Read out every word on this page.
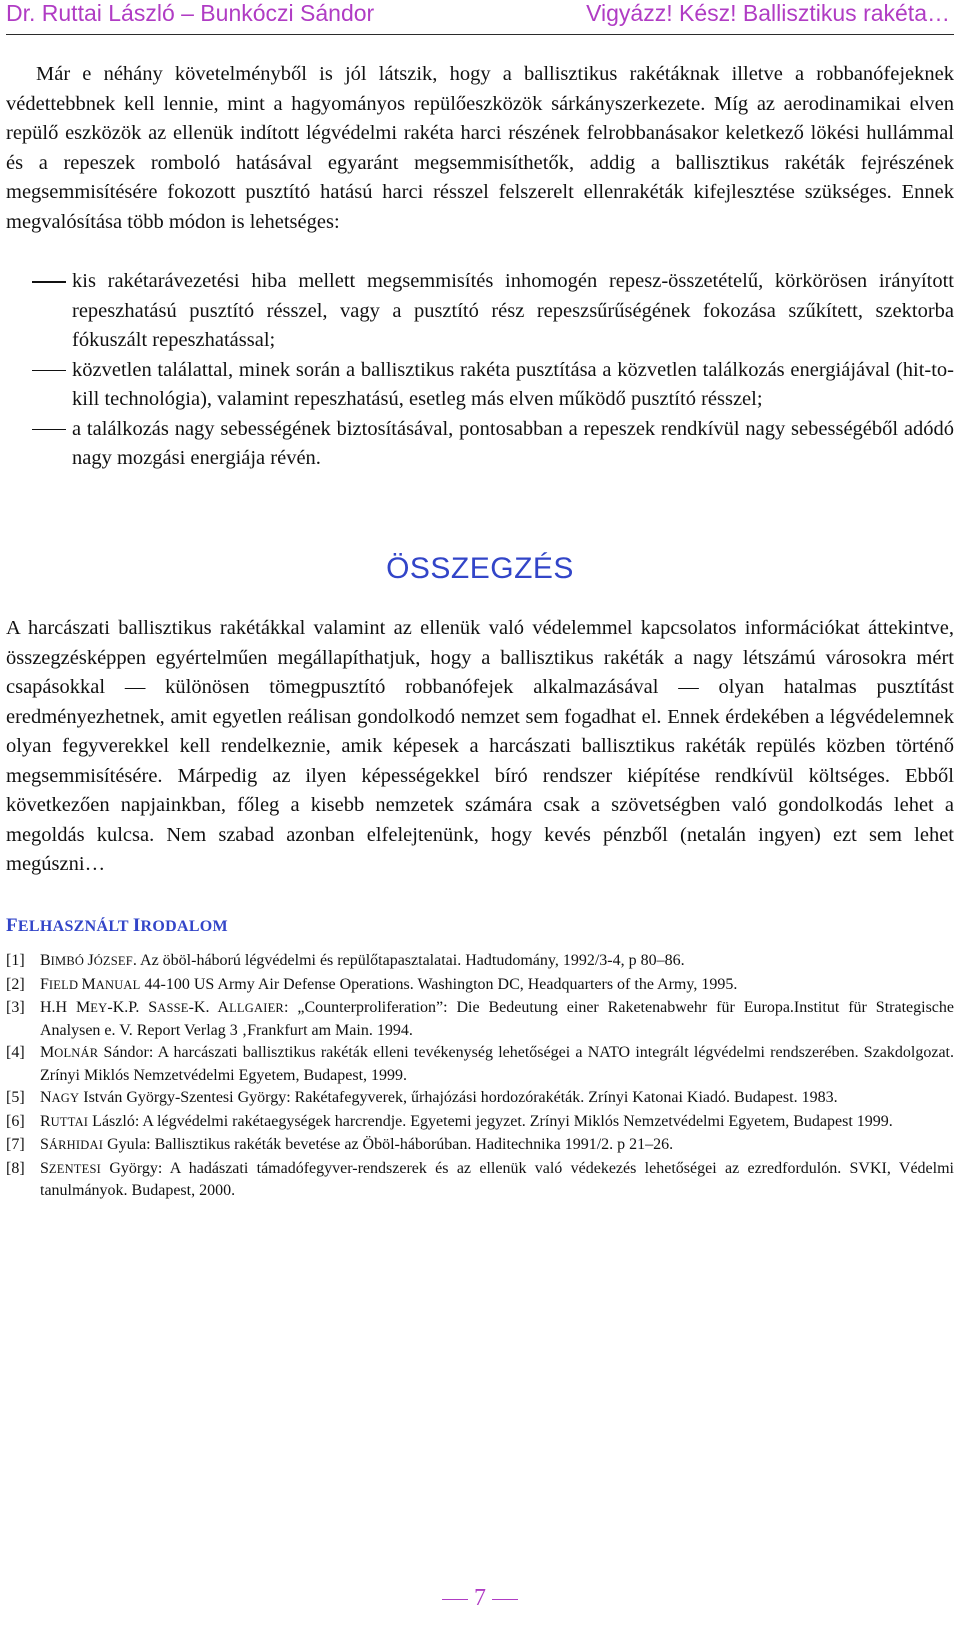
Dr. Ruttai László – Bunkóczi Sándor	Vigyázz! Kész! Ballisztikus rakéta…

Már e néhány követelményből is jól látszik, hogy a ballisztikus rakétáknak illetve a robbanófejeknek védettebbnek kell lennie, mint a hagyományos repülőeszközök sárkányszerkezete. Míg az aerodinamikai elven repülő eszközök az ellenük indított légvédelmi rakéta harci részének felrobbanásakor keletkező lökési hullámmal és a repeszek romboló hatásával egyaránt megsemmisíthetők, addig a ballisztikus rakéták fejrészének megsemmisítésére fokozott pusztító hatású harci résszel felszerelt ellenrakéták kifejlesztése szükséges. Ennek megvalósítása több módon is lehetséges:

kis rakétarávezetési hiba mellett megsemmisítés inhomogén repesz-összetételű, körkörösen irányított repeszhatású pusztító résszel, vagy a pusztító rész repeszsűrűségének fokozása szűkített, szektorba fókuszált repeszhatással;
közvetlen találattal, minek során a ballisztikus rakéta pusztítása a közvetlen találkozás energiájával (hit-to-kill technológia), valamint repeszhatású, esetleg más elven működő pusztító résszel;
a találkozás nagy sebességének biztosításával, pontosabban a repeszek rendkívül nagy sebességéből adódó nagy mozgási energiája révén.
ÖSSZEGZÉS

A harcászati ballisztikus rakétákkal valamint az ellenük való védelemmel kapcsolatos információkat áttekintve, összegzésképpen egyértelműen megállapíthatjuk, hogy a ballisztikus rakéták a nagy létszámú városokra mért csapásokkal — különösen tömegpusztító robbanófejek alkalmazásával — olyan hatalmas pusztítást eredményezhetnek, amit egyetlen reálisan gondolkodó nemzet sem fogadhat el. Ennek érdekében a légvédelemnek olyan fegyverekkel kell rendelkeznie, amik képesek a harcászati ballisztikus rakéták repülés közben történő megsemmisítésére. Márpedig az ilyen képességekkel bíró rendszer kiépítése rendkívül költséges. Ebből következően napjainkban, főleg a kisebb nemzetek számára csak a szövetségben való gondolkodás lehet a megoldás kulcsa. Nem szabad azonban elfelejtenünk, hogy kevés pénzből (netalán ingyen) ezt sem lehet megúszni…

FELHASZNÁLT IRODALOM
[1] BIMBÓ JÓZSEF. Az öböl-háború légvédelmi és repülőtapasztalatai. Hadtudomány, 1992/3-4, p 80–86.
[2] FIELD MANUAL 44-100 US Army Air Defense Operations. Washington DC, Headquarters of the Army, 1995.
[3] H.H MEY-K.P. SASSE-K. ALLGAIER: „Counterproliferation”: Die Bedeutung einer Raketenabwehr für Europa.Institut für Strategische Analysen e. V. Report Verlag 3 ‚Frankfurt am Main. 1994.
[4] MOLNÁR Sándor: A harcászati ballisztikus rakéták elleni tevékenység lehetőségei a NATO integrált légvédelmi rendszerében. Szakdolgozat. Zrínyi Miklós Nemzetvédelmi Egyetem, Budapest, 1999.
[5] NAGY István György-Szentesi György: Rakétafegyverek, űrhajózási hordozórakéták. Zrínyi Katonai Kiadó. Budapest. 1983.
[6] RUTTAI László: A légvédelmi rakétaegységek harcrendje. Egyetemi jegyzet. Zrínyi Miklós Nemzetvédelmi Egyetem, Budapest 1999.
[7] SÁRHIDAI Gyula: Ballisztikus rakéták bevetése az Öböl-háborúban. Haditechnika 1991/2. p 21–26.
[8] SZENTESI György: A hadászati támadófegyver-rendszerek és az ellenük való védekezés lehetőségei az ezredfordulón. SVKI, Védelmi tanulmányok. Budapest, 2000.
7
